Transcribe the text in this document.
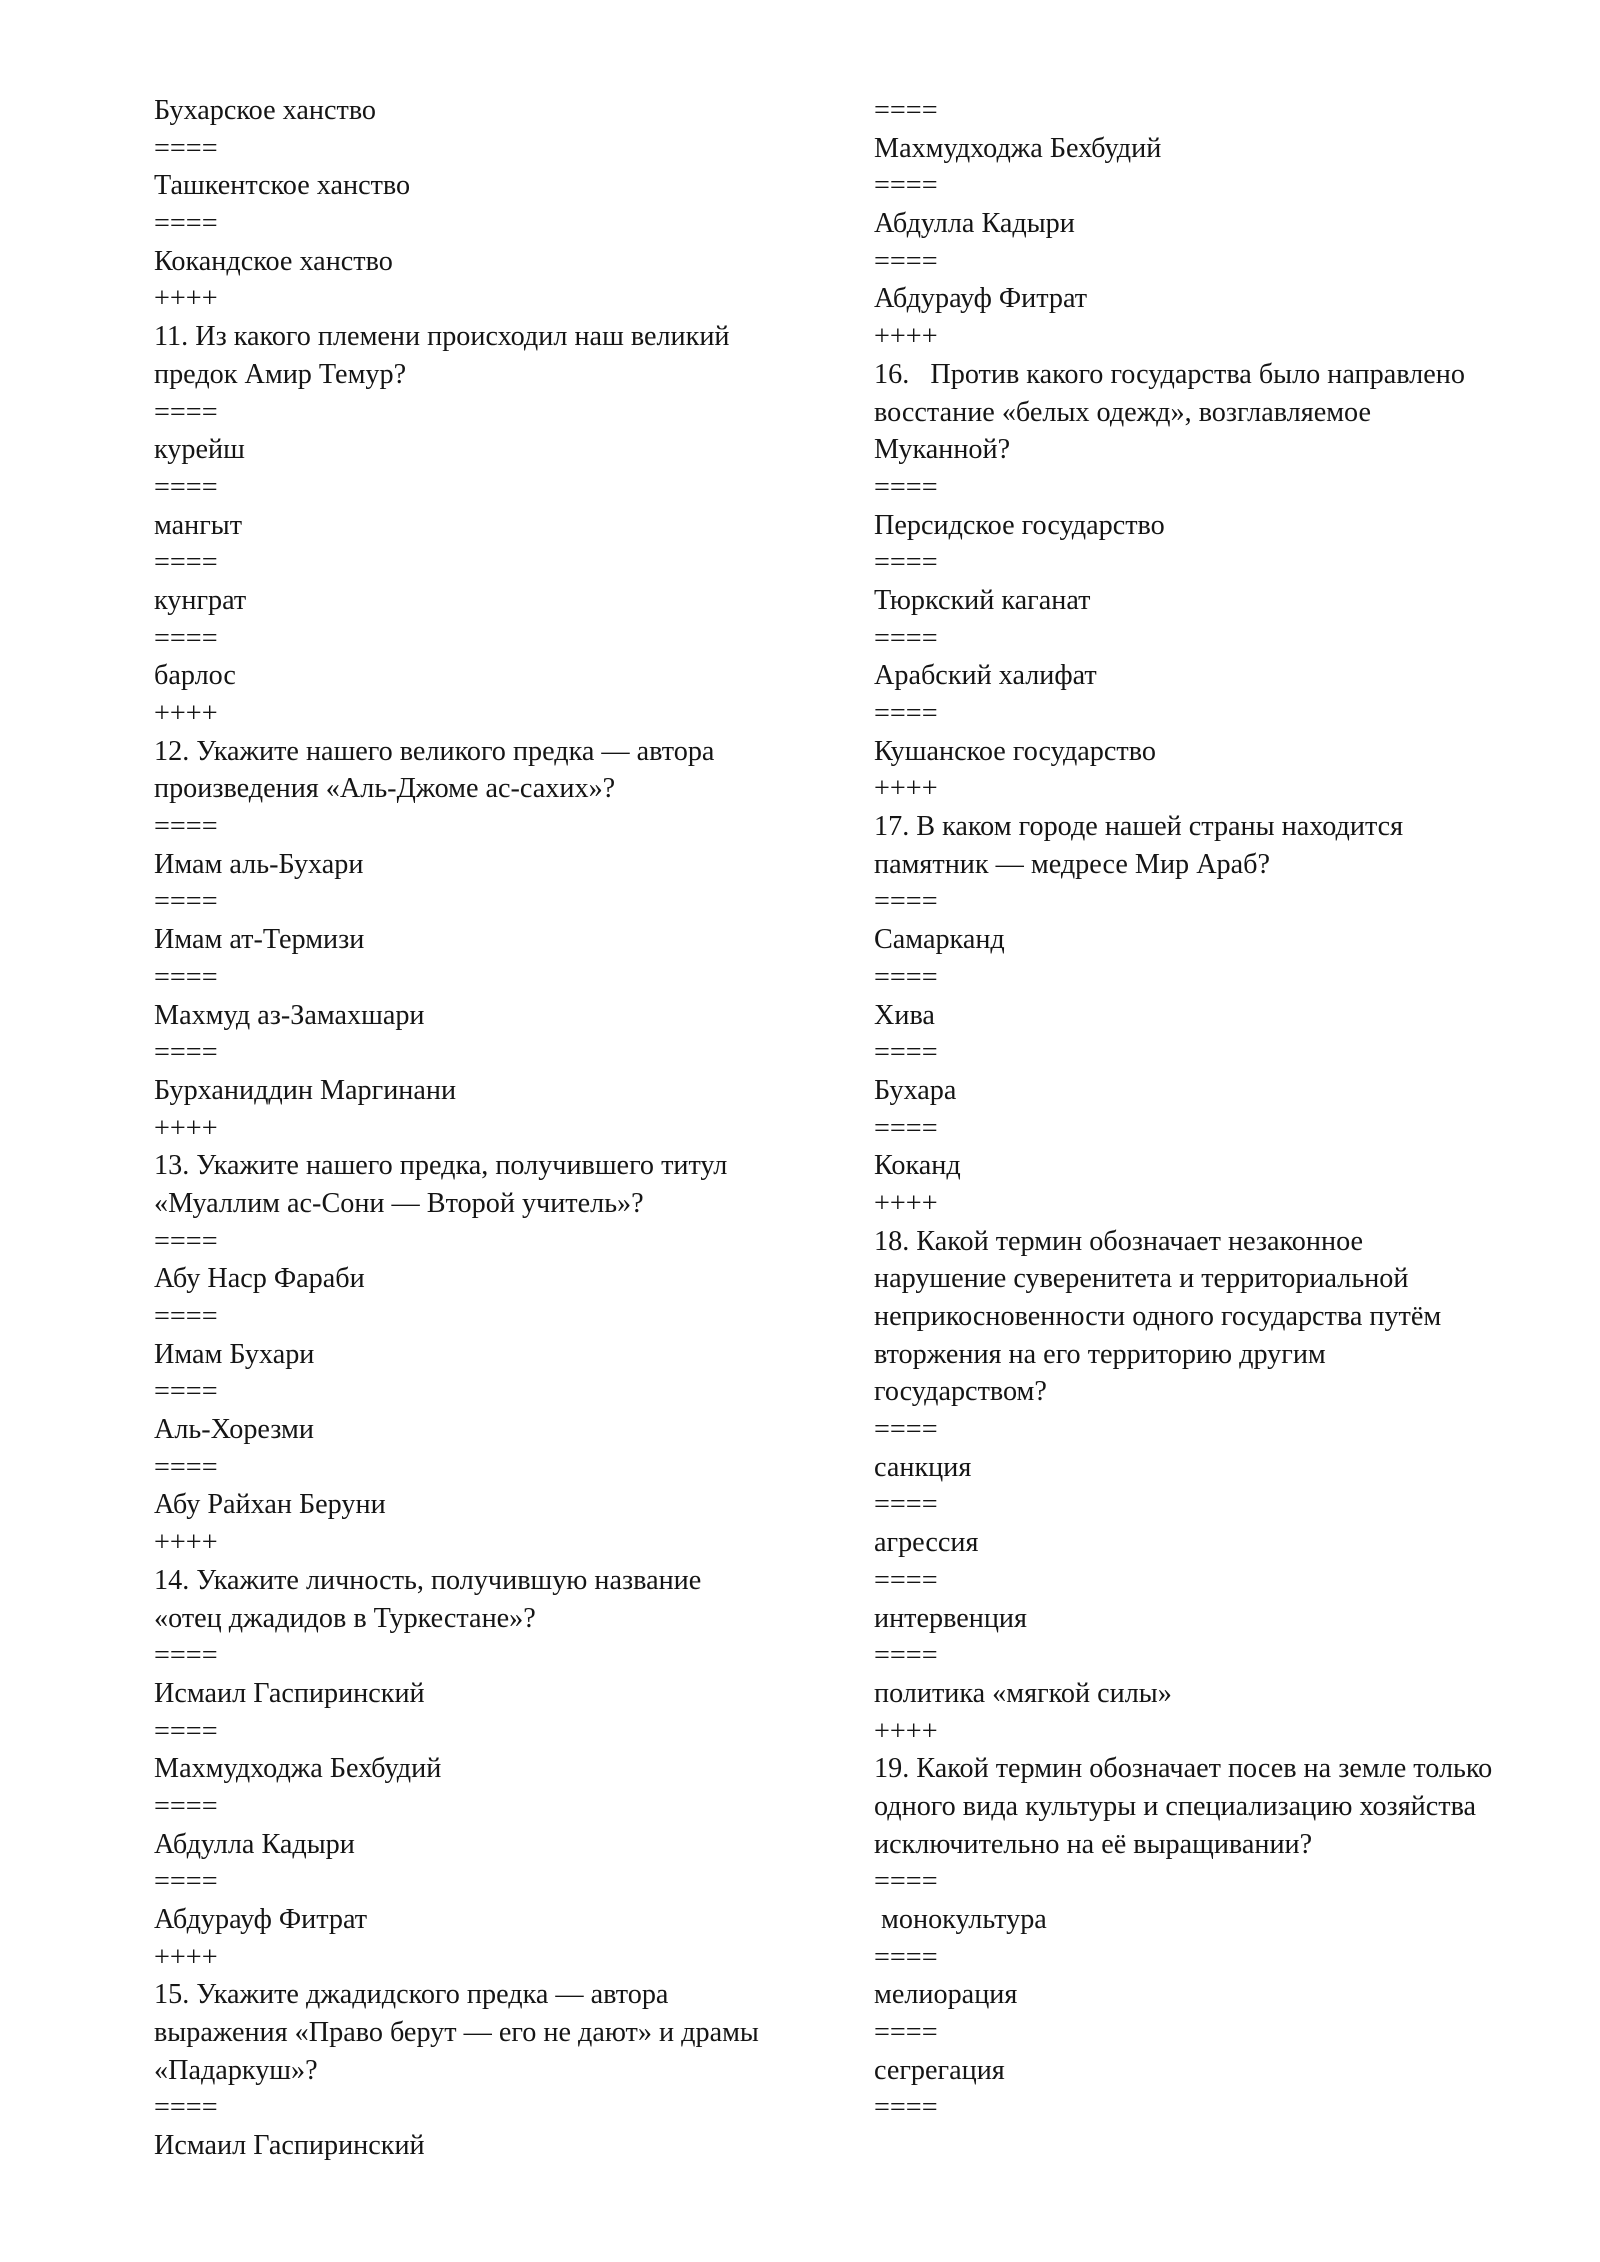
Бухарское ханство
====
Ташкентское ханство
====
Кокандское ханство
++++
11. Из какого племени происходил наш великий
предок Амир Темур?
====
курейш
====
мангыт
====
кунграт
====
барлос
++++
12. Укажите нашего великого предка — автора
произведения «Аль-Джоме ас-сахих»?
====
Имам аль-Бухари
====
Имам ат-Термизи
====
Махмуд аз-Замахшари
====
Бурханиддин Маргинани
++++
13. Укажите нашего предка, получившего титул
«Муаллим ас-Сони — Второй учитель»?
====
Абу Наср Фараби
====
Имам Бухари
====
Аль-Хорезми
====
Абу Райхан Беруни
++++
14. Укажите личность, получившую название
«отец джадидов в Туркестане»?
====
Исмаил Гаспиринский
====
Махмудходжа Бехбудий
====
Абдулла Кадыри
====
Абдурауф Фитрат
++++
15. Укажите джадидского предка — автора
выражения «Право берут — его не дают» и драмы
«Падаркуш»?
====
Исмаил Гаспиринский
====
Махмудходжа Бехбудий
====
Абдулла Кадыри
====
Абдурауф Фитрат
++++
16.   Против какого государства было направлено
восстание «белых одежд», возглавляемое
Муканной?
====
Персидское государство
====
Тюркский каганат
====
Арабский халифат
====
Кушанское государство
++++
17. В каком городе нашей страны находится
памятник — медресе Мир Араб?
====
Самарканд
====
Хива
====
Бухара
====
Коканд
++++
18. Какой термин обозначает незаконное
нарушение суверенитета и территориальной
неприкосновенности одного государства путём
вторжения на его территорию другим
государством?
====
санкция
====
агрессия
====
интервенция
====
политика «мягкой силы»
++++
19. Какой термин обозначает посев на земле только
одного вида культуры и специализацию хозяйства
исключительно на её выращивании?
====
монокультура
====
мелиорация
====
сегрегация
====
